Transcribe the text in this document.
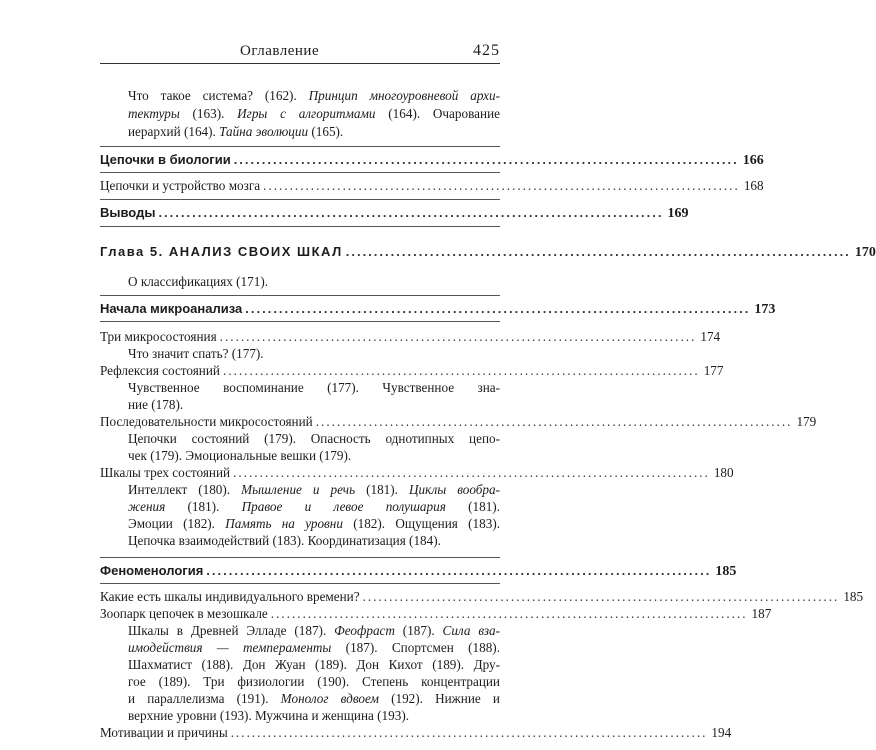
Оглавление	425
Что такое система? (162). Принцип многоуровневой архи-
тектуры (163). Игры с алгоритмами (164). Очарование
иерархий (164). Тайна эволюции (165).
Цепочки в биологии .......................................................................................... 166
Цепочки и устройство мозга .......................................................................................... 168
Выводы .......................................................................................... 169
Глава 5. АНАЛИЗ СВОИХ ШКАЛ .......................................................................................... 170
О классификациях (171).
Начала микроанализа .......................................................................................... 173
Три микросостояния .......................................................................................... 174
Что значит спать? (177).
Рефлексия состояний .......................................................................................... 177
Чувственное воспоминание (177). Чувственное зна-
ние (178).
Последовательности микросостояний .......................................................................................... 179
Цепочки состояний (179). Опасность однотипных цепо-
чек (179). Эмоциональные вешки (179).
Шкалы трех состояний .......................................................................................... 180
Интеллект (180). Мышление и речь (181). Циклы вообра-
жения (181). Правое и левое полушария (181).
Эмоции (182). Память на уровни (182). Ощущения (183).
Цепочка взаимодействий (183). Координатизация (184).
Феноменология .......................................................................................... 185
Какие есть шкалы индивидуального времени? .......................................................................................... 185
Зоопарк цепочек в мезошкале .......................................................................................... 187
Шкалы в Древней Элладе (187). Феофраст (187). Сила вза-
имодействия — темпераменты (187). Спортсмен (188).
Шахматист (188). Дон Жуан (189). Дон Кихот (189). Дру-
гое (189). Три физиологии (190). Степень концентрации
и параллелизма (191). Монолог вдвоем (192). Нижние и
верхние уровни (193). Мужчина и женщина (193).
Мотивации и причины .......................................................................................... 194
